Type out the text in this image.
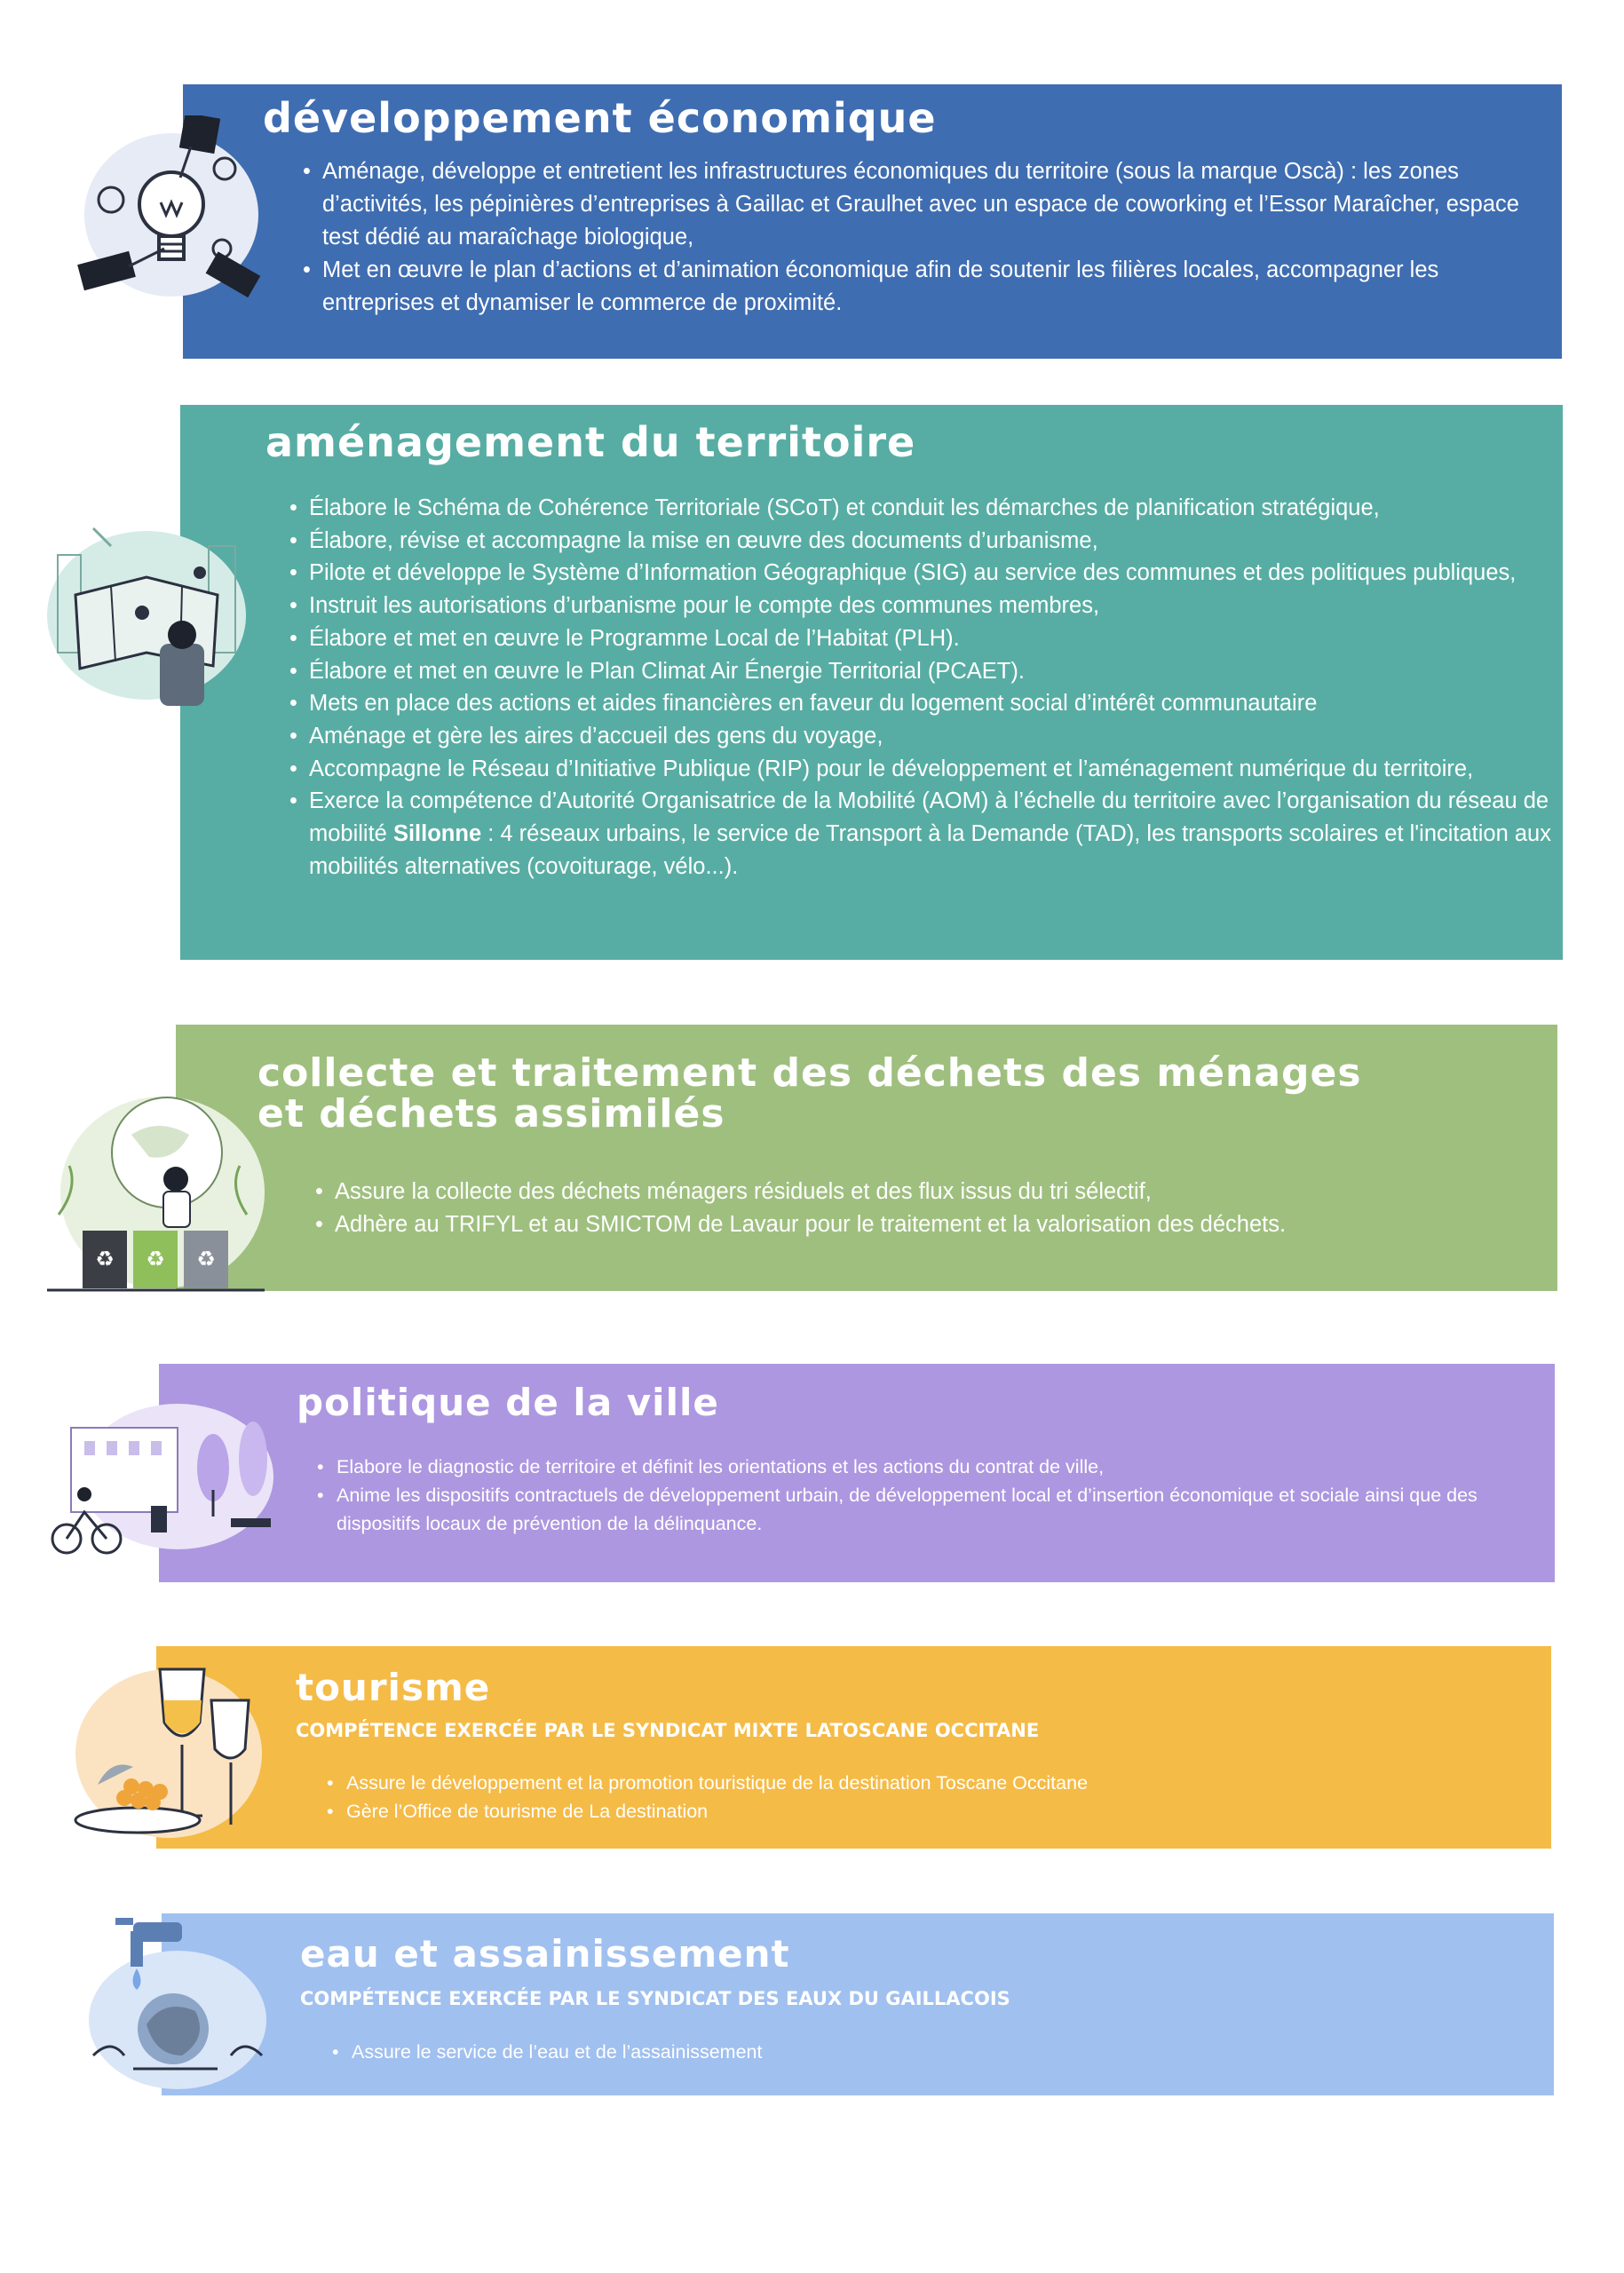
développement économique
• Aménage, développe et entretient les infrastructures économiques du territoire (sous la marque Oscà) : les zones d’activités, les pépinières d’entreprises à Gaillac et Graulhet avec un espace de coworking et l’Essor Maraîcher, espace test dédié au maraîchage biologique,
• Met en œuvre le plan d’actions et d’animation économique afin de soutenir les filières locales, accompagner les entreprises et dynamiser le commerce de proximité.
aménagement du territoire
• Élabore le Schéma de Cohérence Territoriale (SCoT) et conduit les démarches de planification stratégique,
• Élabore, révise et accompagne la mise en œuvre des documents d’urbanisme,
• Pilote et développe le Système d’Information Géographique (SIG) au service des communes et des politiques publiques,
• Instruit les autorisations d’urbanisme pour le compte des communes membres,
• Élabore et met en œuvre le Programme Local de l’Habitat (PLH).
• Élabore et met en œuvre le Plan Climat Air Énergie Territorial (PCAET).
• Mets en place des actions et aides financières en faveur du logement social d’intérêt communautaire
• Aménage et gère les aires d’accueil des gens du voyage,
• Accompagne le Réseau d’Initiative Publique (RIP) pour le développement et l’aménagement numérique du territoire,
• Exerce la compétence d’Autorité Organisatrice de la Mobilité (AOM) à l’échelle du territoire avec l’organisation du réseau de mobilité Sillonne : 4 réseaux urbains, le service de Transport à la Demande (TAD), les transports scolaires et l'incitation aux mobilités alternatives (covoiturage, vélo...).
collecte et traitement des déchets des ménages
et déchets assimilés
• Assure la collecte des déchets ménagers résiduels et des flux issus du tri sélectif,
• Adhère au TRIFYL et au SMICTOM de Lavaur pour le traitement et la valorisation des déchets.
♻ ♻ ♻
politique de la ville
• Elabore le diagnostic de territoire et définit les orientations et les actions du contrat de ville,
• Anime les dispositifs contractuels de développement urbain, de développement local et d’insertion économique et sociale ainsi que des dispositifs locaux de prévention de la délinquance.
tourisme

COMPÉTENCE EXERCÉE PAR LE SYNDICAT MIXTE LATOSCANE OCCITANE

• Assure le développement et la promotion touristique de la destination Toscane Occitane
• Gère l’Office de tourisme de La destination
eau et assainissement

COMPÉTENCE EXERCÉE PAR LE SYNDICAT DES EAUX DU GAILLACOIS

• Assure le service de l’eau et de l’assainissement
